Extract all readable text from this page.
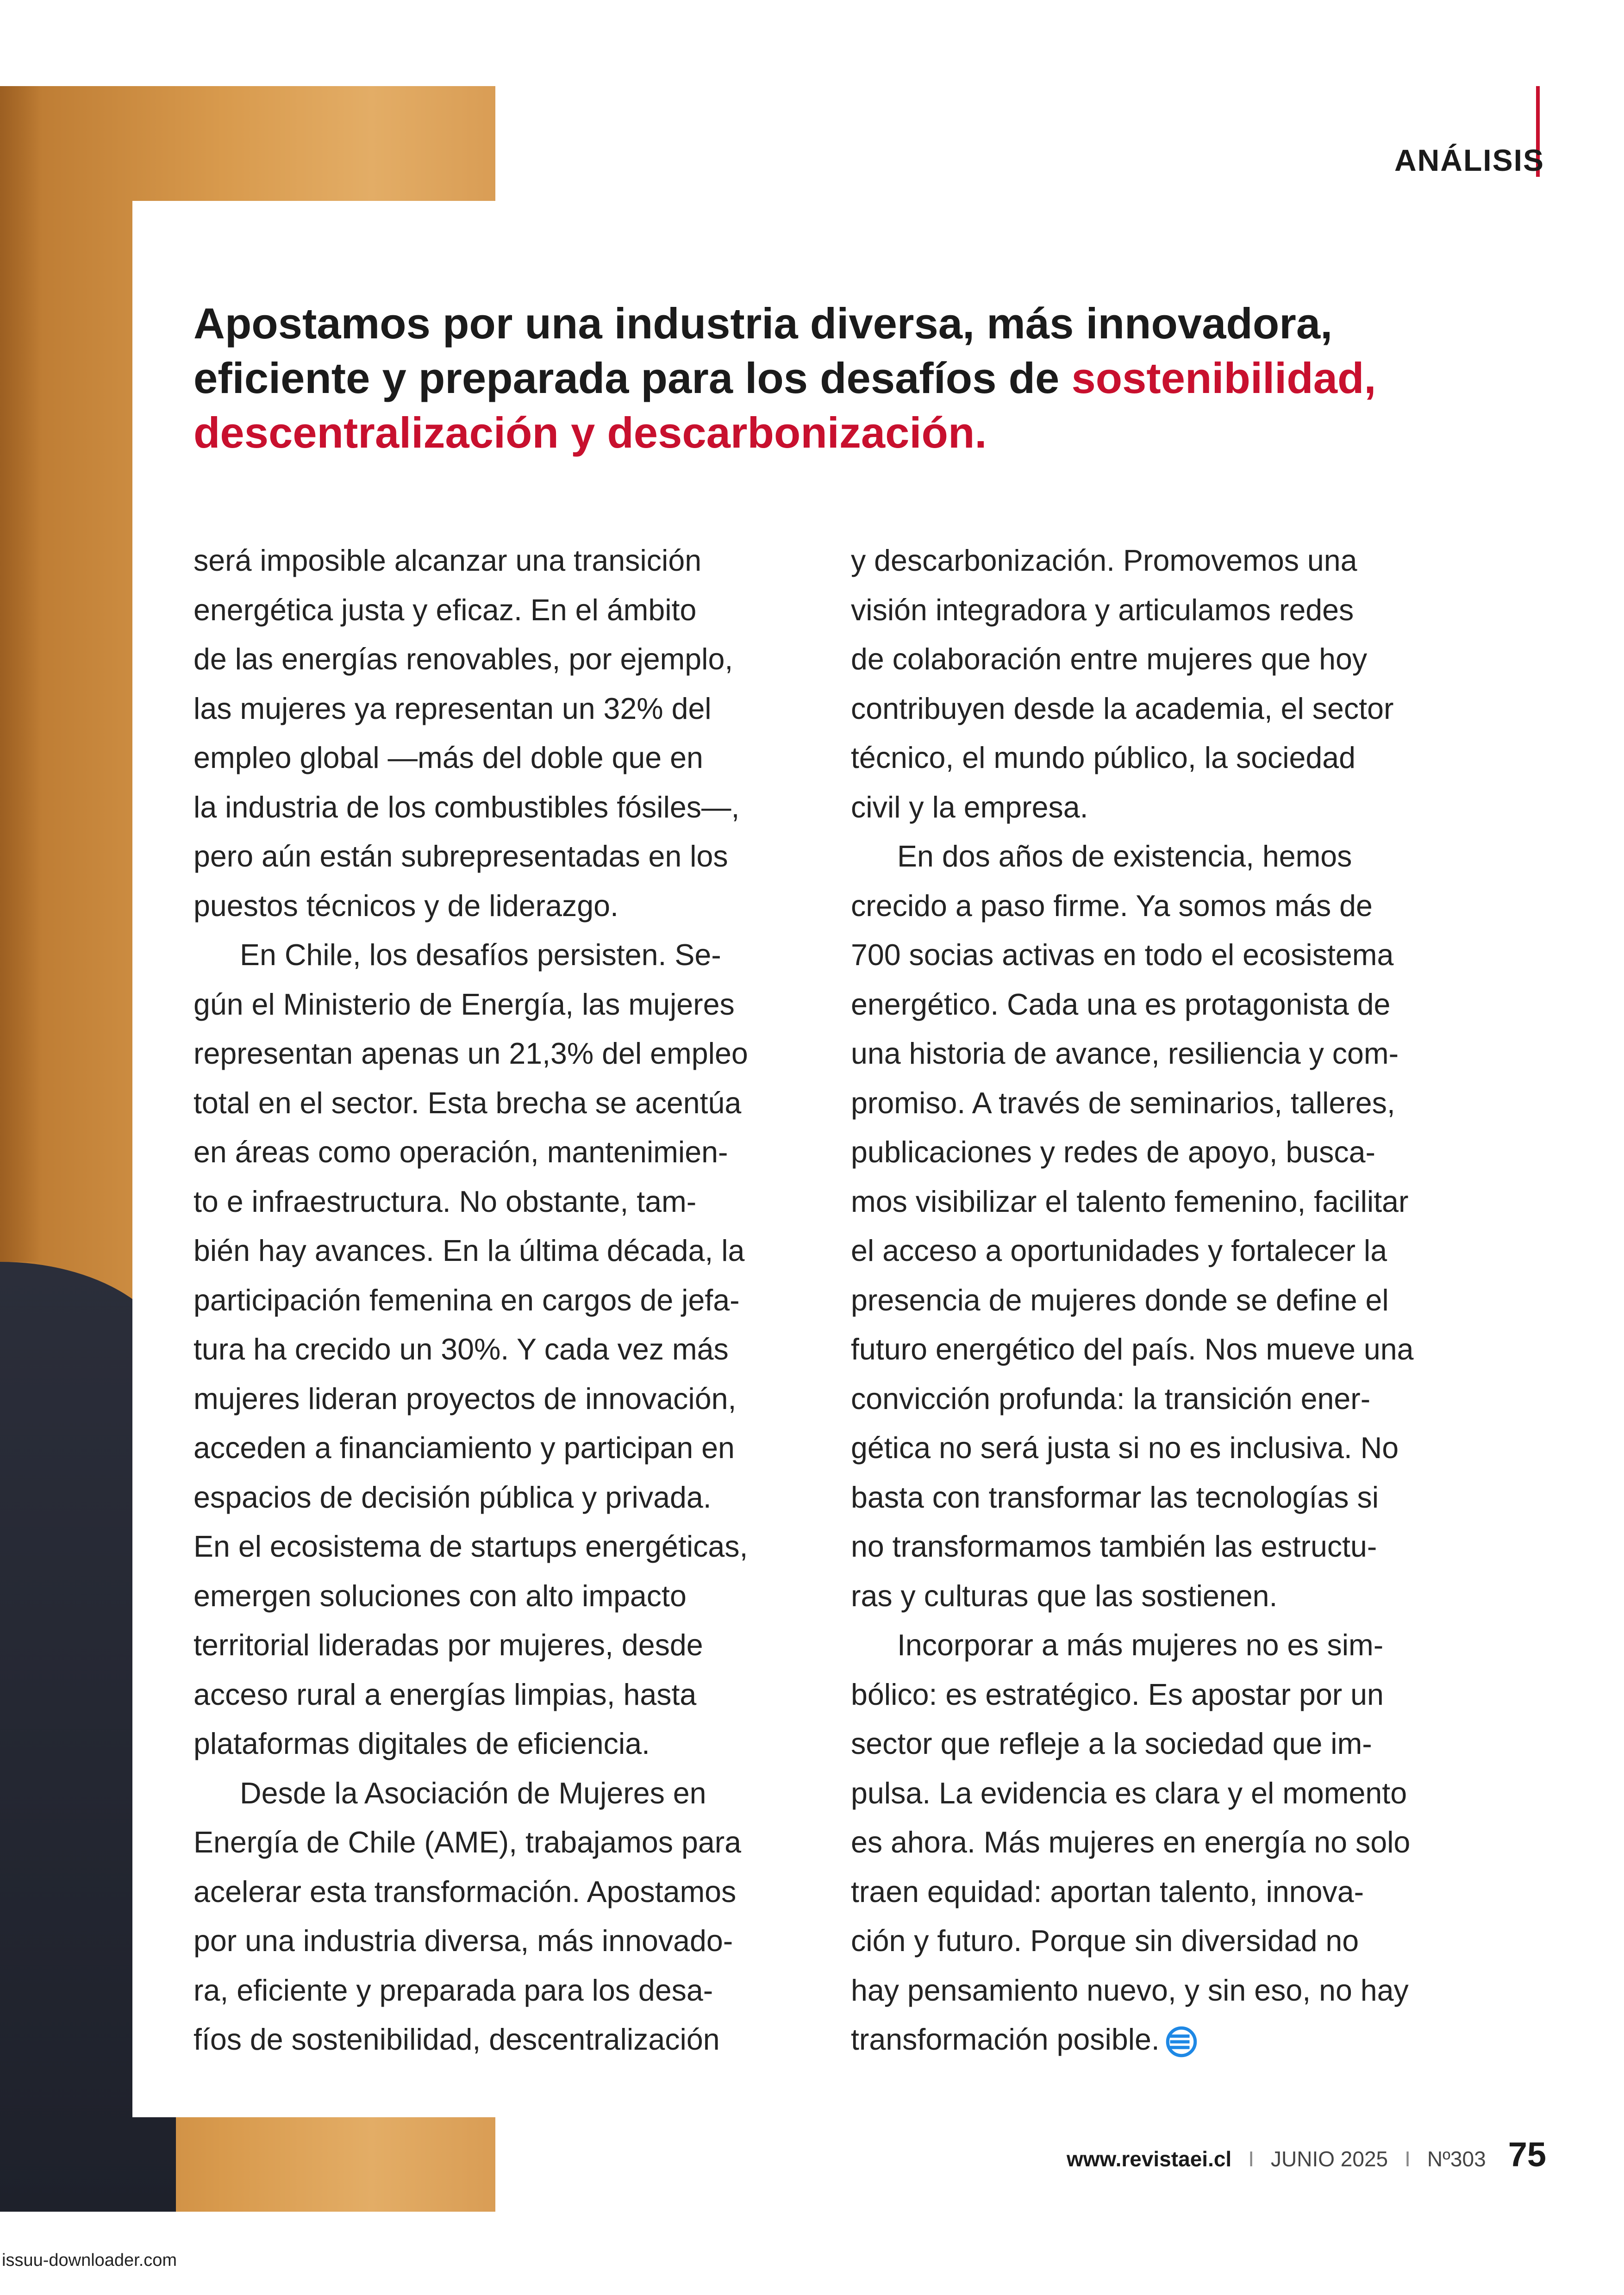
ANÁLISIS

Apostamos por una industria diversa, más innovadora, eficiente y preparada para los desafíos de sostenibilidad, descentralización y descarbonización.

será imposible alcanzar una transición
energética justa y eficaz. En el ámbito
de las energías renovables, por ejemplo,
las mujeres ya representan un 32% del
empleo global —más del doble que en
la industria de los combustibles fósiles—,
pero aún están subrepresentadas en los
puestos técnicos y de liderazgo.
En Chile, los desafíos persisten. Se-
gún el Ministerio de Energía, las mujeres
representan apenas un 21,3% del empleo
total en el sector. Esta brecha se acentúa
en áreas como operación, mantenimien-
to e infraestructura. No obstante, tam-
bién hay avances. En la última década, la
participación femenina en cargos de jefa-
tura ha crecido un 30%. Y cada vez más
mujeres lideran proyectos de innovación,
acceden a financiamiento y participan en
espacios de decisión pública y privada.
En el ecosistema de startups energéticas,
emergen soluciones con alto impacto
territorial lideradas por mujeres, desde
acceso rural a energías limpias, hasta
plataformas digitales de eficiencia.
Desde la Asociación de Mujeres en
Energía de Chile (AME), trabajamos para
acelerar esta transformación. Apostamos
por una industria diversa, más innovado-
ra, eficiente y preparada para los desa-
fíos de sostenibilidad, descentralización
y descarbonización. Promovemos una
visión integradora y articulamos redes
de colaboración entre mujeres que hoy
contribuyen desde la academia, el sector
técnico, el mundo público, la sociedad
civil y la empresa.
En dos años de existencia, hemos
crecido a paso firme. Ya somos más de
700 socias activas en todo el ecosistema
energético. Cada una es protagonista de
una historia de avance, resiliencia y com-
promiso. A través de seminarios, talleres,
publicaciones y redes de apoyo, busca-
mos visibilizar el talento femenino, facilitar
el acceso a oportunidades y fortalecer la
presencia de mujeres donde se define el
futuro energético del país. Nos mueve una
convicción profunda: la transición ener-
gética no será justa si no es inclusiva. No
basta con transformar las tecnologías si
no transformamos también las estructu-
ras y culturas que las sostienen.
Incorporar a más mujeres no es sim-
bólico: es estratégico. Es apostar por un
sector que refleje a la sociedad que im-
pulsa. La evidencia es clara y el momento
es ahora. Más mujeres en energía no solo
traen equidad: aportan talento, innova-
ción y futuro. Porque sin diversidad no
hay pensamiento nuevo, y sin eso, no hay
transformación posible.
www.revistaei.cl I JUNIO 2025 I Nº303 75
issuu-downloader.com
